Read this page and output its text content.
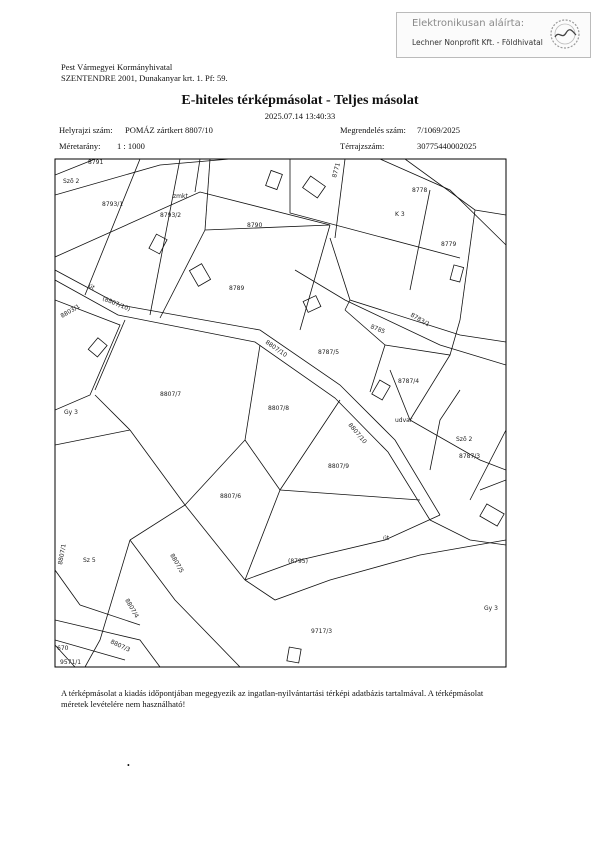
Elektronikusan aláírta:
Lechner Nonprofit Kft. - Földhivatal
Pest Vármegyei Kormányhivatal
SZENTENDRE 2001, Dunakanyar krt. 1. Pf: 59.
E-hiteles térképmásolat - Teljes másolat
2025.07.14 13:40:33
Helyrajzi szám: POMÁZ zártkert 8807/10	Megrendelés szám: 7/1069/2025
Méretarány: 1 : 1000	Térrajzszám:	30775440002025
8791
Szõ 2
8793/1
zmkt
8793/2
8771
8778
K 3
8790
8779
8789
út
(8807/10)
8803/1
8783/1
8785
8807/10	8787/5
8787/4
8807/7
udvar
Gy 3
8807/8
8807/10	Szõ 2
8787/3
8807/9
8807/6
út
8807/1	Sz 5	8807/5	(8795)
8807/4
8807/3
Gy 3
9717/3
670
9571/1
A térképmásolat a kiadás időpontjában megegyezik az ingatlan-nyilvántartási térképi adatbázis tartalmával. A térképmásolat méretek levételére nem használható!
•
